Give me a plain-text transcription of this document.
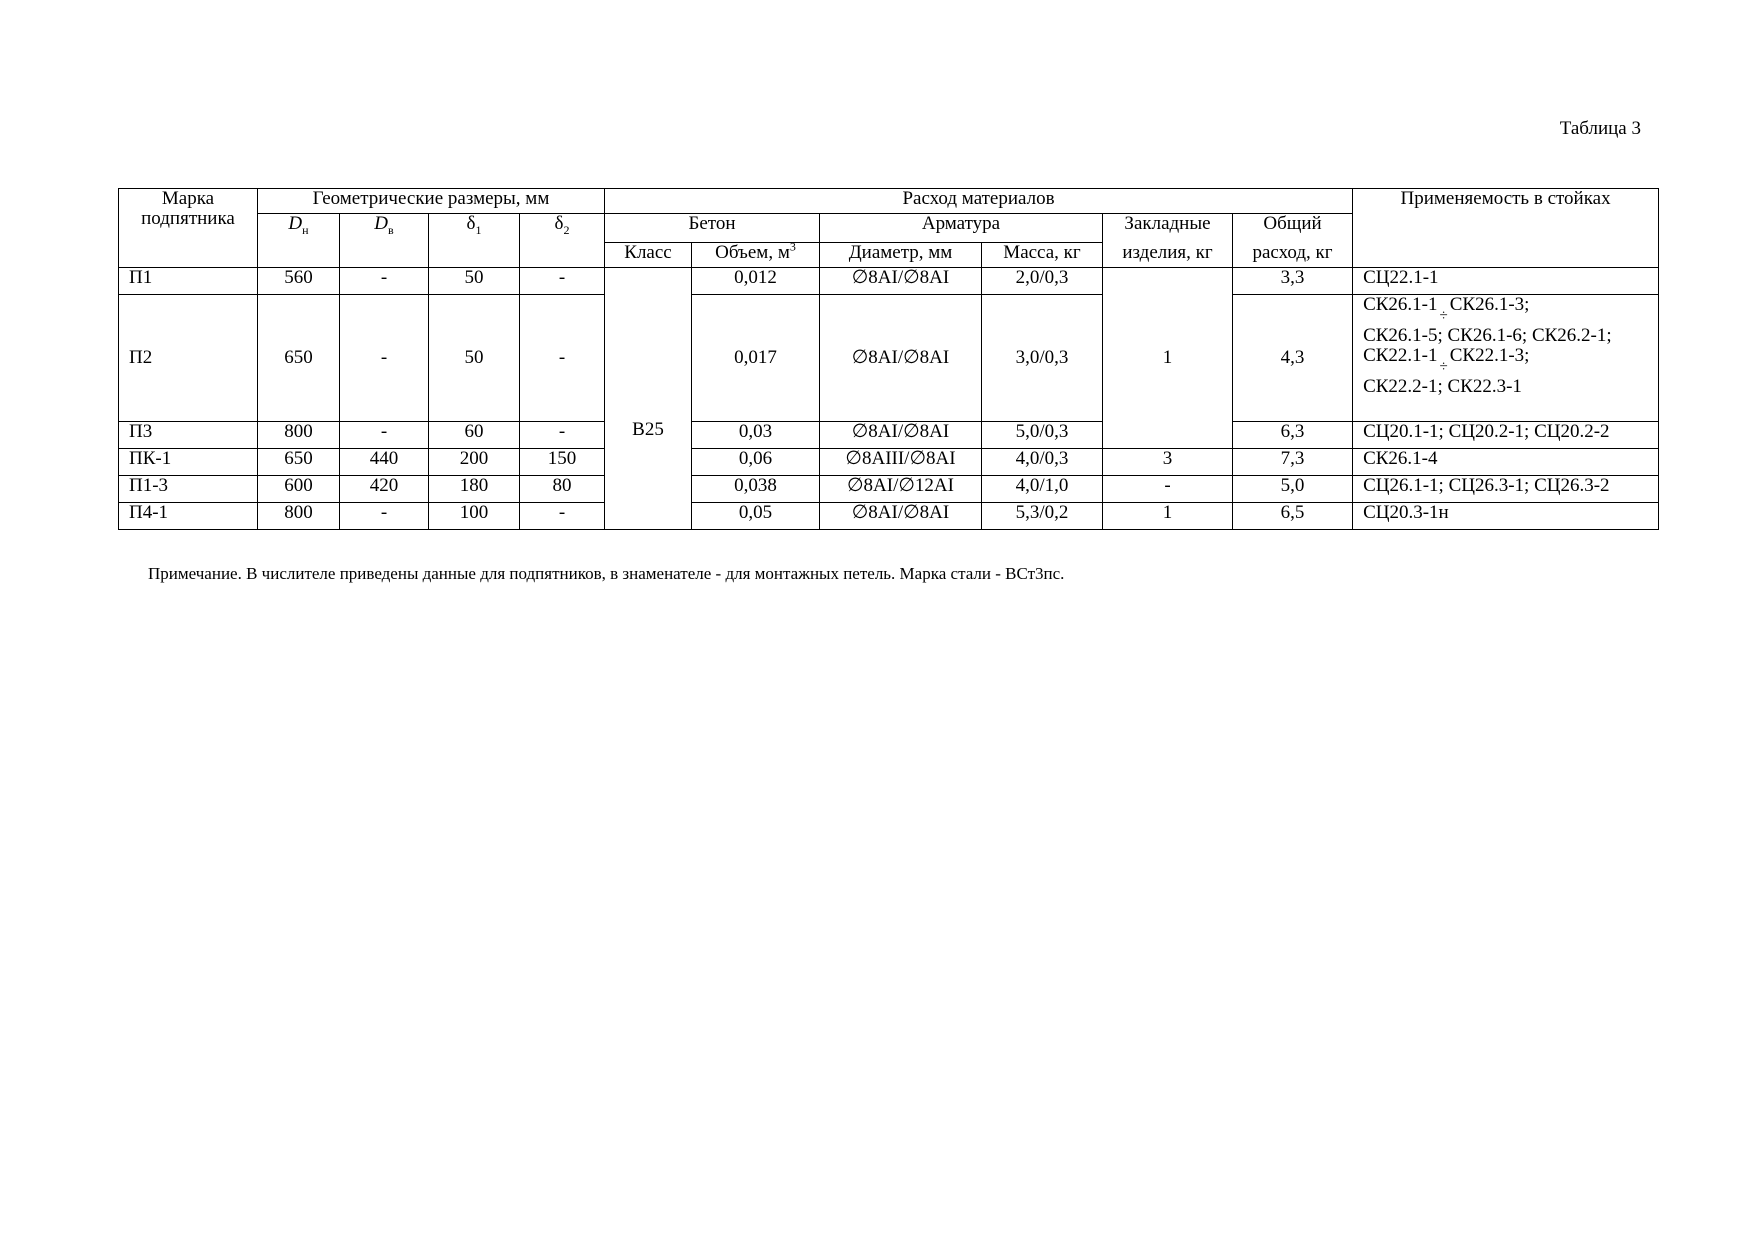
Таблица 3
Марка подпятника	Геометрические размеры, мм				Расход материалов						Применяемость в стойках
	$D_н$	$D_в$	$\delta_1$	$\delta_2$	Бетон		Арматура		Закладные	Общий	
					Класс	Объем, $м^3$	Диаметр, мм	Масса, кг	изделия, кг	расход, кг	
П1	560	-	50	-	В25	0,012	∅8AI/∅8AI	2,0/0,3	1	3,3	СЦ22.1-1
П2	650	-	50	-		0,017	∅8AI/∅8AI	3,0/0,3		4,3	$СК26.1-1_\div СК26.1-3$;
СК26.1-5; СК26.1-6; СК26.2-1;
$СК22.1-1_\div СК22.1-3$;
СК22.2-1; СК22.3-1

П3	800	-	60	-		0,03	∅8AI/∅8AI	5,0/0,3		6,3	СЦ20.1-1; СЦ20.2-1; СЦ20.2-2
ПК-1	650	440	200	150		0,06	∅8AIII/∅8AI	4,0/0,3	3	7,3	СК26.1-4
П1-3	600	420	180	80		0,038	∅8AI/∅12AI	4,0/1,0	-	5,0	СЦ26.1-1; СЦ26.3-1; СЦ26.3-2
П4-1	800	-	100	-		0,05	∅8AI/∅8AI	5,3/0,2	1	6,5	СЦ20.3-1н
Примечание. В числителе приведены данные для подпятников, в знаменателе - для монтажных петель. Марка стали - ВСт3пс.
